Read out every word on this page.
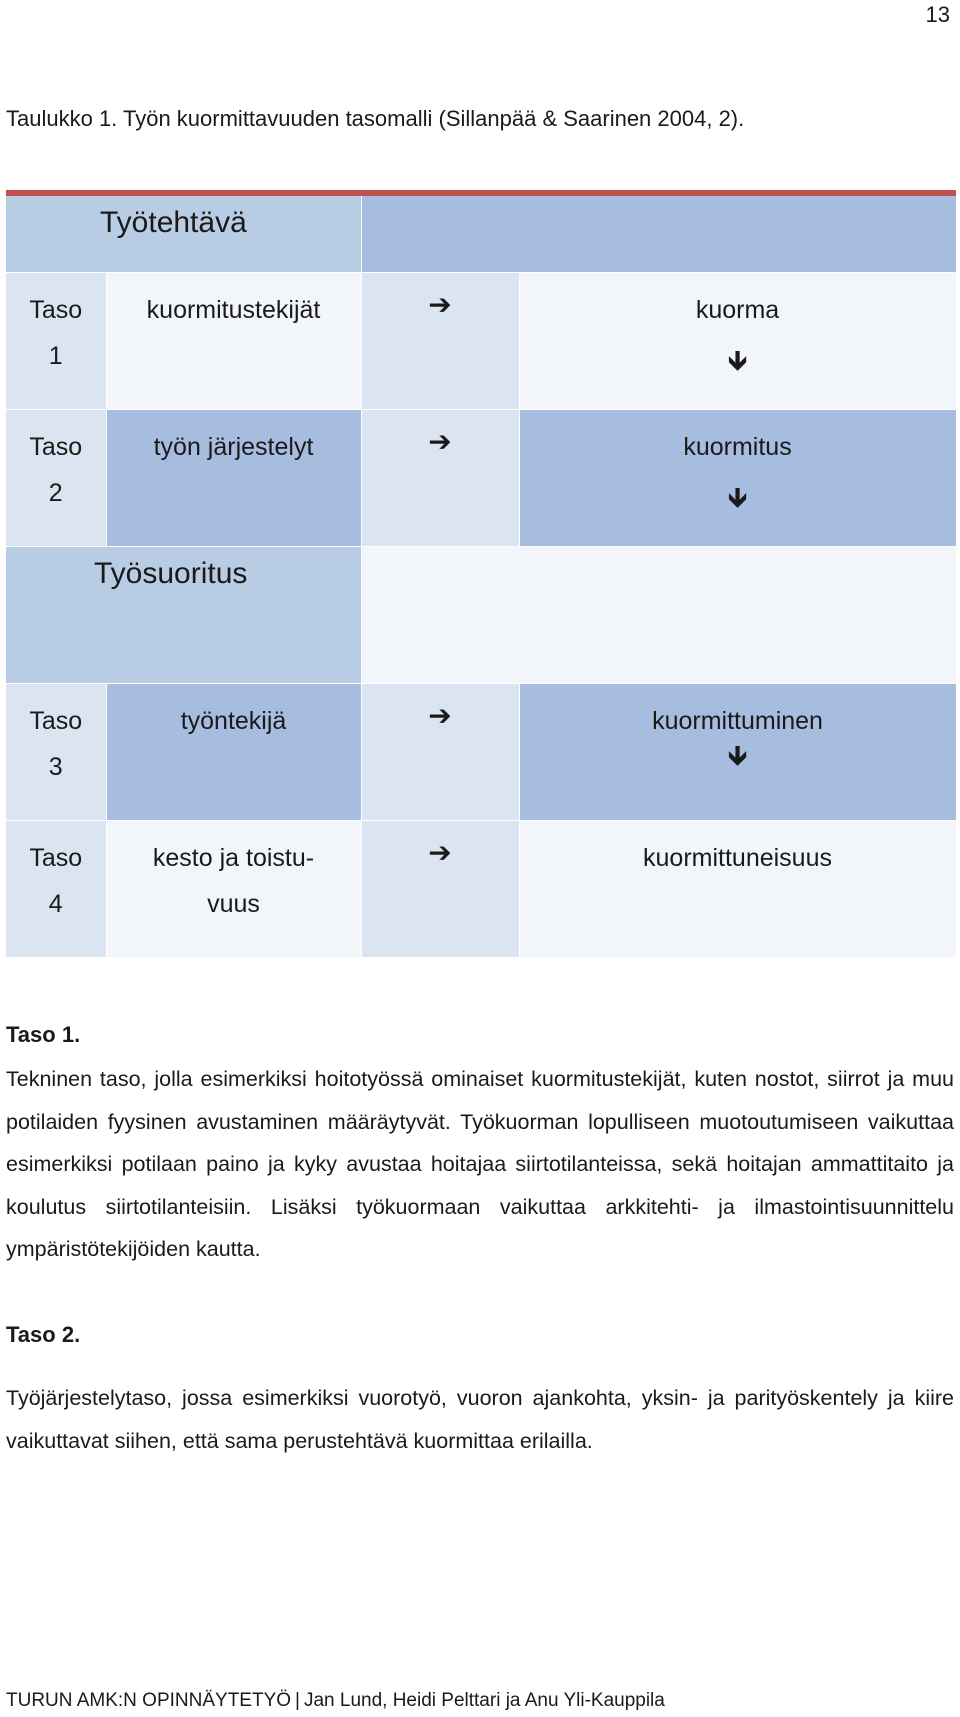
13
Taulukko 1. Työn kuormittavuuden tasomalli (Sillanpää & Saarinen 2004, 2).
Työtehtävä			

Taso
1	kuormitustekijät	➔	kuorma
🡻

Taso
2	työn järjestelyt	➔	kuormitus
🡻

Työsuoritus			

Taso
3	työntekijä	➔	kuormittuminen
🡻

Taso
4	kesto ja toistu-
vuus	➔	kuormittuneisuus
Taso 1.

Tekninen taso, jolla esimerkiksi hoitotyössä ominaiset kuormitustekijät, kuten nostot, siirrot ja muu potilaiden fyysinen avustaminen määräytyvät. Työkuorman lopulliseen muotoutumiseen vaikuttaa esimerkiksi potilaan paino ja kyky avustaa hoitajaa siirtotilanteissa, sekä hoitajan ammattitaito ja koulutus siirtotilanteisiin. Lisäksi työkuormaan vaikuttaa arkkitehti- ja ilmastointisuunnittelu ympäristötekijöiden kautta.

Taso 2.

Työjärjestelytaso, jossa esimerkiksi vuorotyö, vuoron ajankohta, yksin- ja parityöskentely ja kiire vaikuttavat siihen, että sama perustehtävä kuormittaa erilailla.

TURUN AMK:N OPINNÄYTETYÖ | Jan Lund, Heidi Pelttari ja Anu Yli-Kauppila
